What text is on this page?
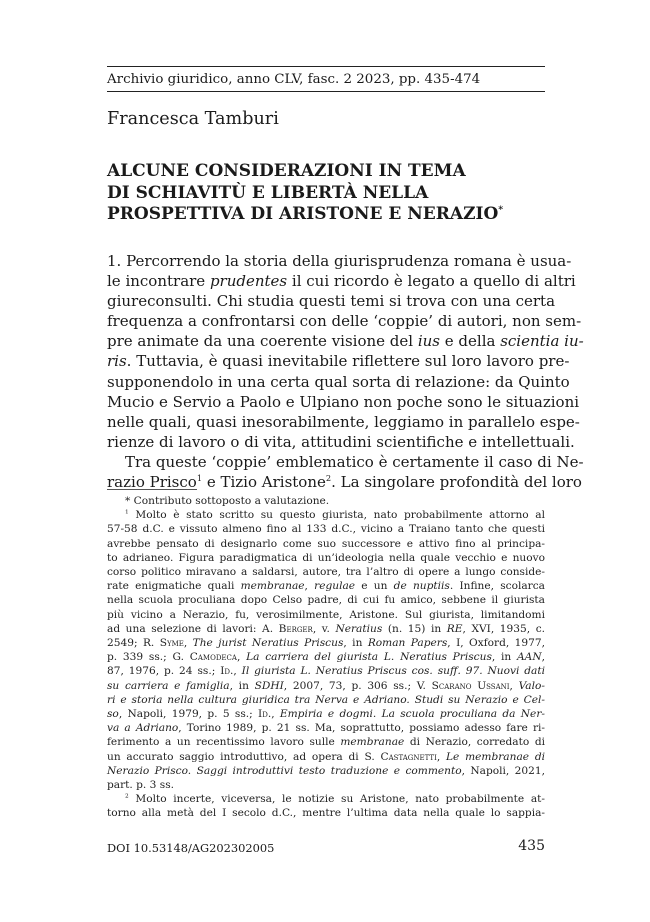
Archivio giuridico, anno CLV, fasc. 2 2023, pp. 435-474
Francesca Tamburi
ALCUNE CONSIDERAZIONI IN TEMA
DI SCHIAVITÙ E LIBERTÀ NELLA
PROSPETTIVA DI ARISTONE E NERAZIO*
1. Percorrendo la storia della giurisprudenza romana è usua-
le incontrare prudentes il cui ricordo è legato a quello di altri
giureconsulti. Chi studia questi temi si trova con una certa
frequenza a confrontarsi con delle ‘coppie’ di autori, non sem-
pre animate da una coerente visione del ius e della scientia iu-
ris. Tuttavia, è quasi inevitabile riflettere sul loro lavoro pre-
supponendolo in una certa qual sorta di relazione: da Quinto
Mucio e Servio a Paolo e Ulpiano non poche sono le situazioni
nelle quali, quasi inesorabilmente, leggiamo in parallelo espe-
rienze di lavoro o di vita, attitudini scientifiche e intellettuali.
Tra queste ‘coppie’ emblematico è certamente il caso di Ne-
razio Prisco$^1$ e Tizio Aristone$^2$. La singolare profondità del loro
* Contributo sottoposto a valutazione.
$^1$ Molto è stato scritto su questo giurista, nato probabilmente attorno al
57-58 d.C. e vissuto almeno fino al 133 d.C., vicino a Traiano tanto che questi
avrebbe pensato di designarlo come suo successore e attivo fino al principa-
to adrianeo. Figura paradigmatica di un’ideologia nella quale vecchio e nuovo
corso politico miravano a saldarsi, autore, tra l’altro di opere a lungo conside-
rate enigmatiche quali membranae, regulae e un de nuptiis. Infine, scolarca
nella scuola proculiana dopo Celso padre, di cui fu amico, sebbene il giurista
più vicino a Nerazio, fu, verosimilmente, Aristone. Sul giurista, limitandomi
ad una selezione di lavori: A. Berger, v. Neratius (n. 15) in RE, XVI, 1935, c.
2549; R. Syme, The jurist Neratius Priscus, in Roman Papers, I, Oxford, 1977,
p. 339 ss.; G. Camodeca, La carriera del giurista L. Neratius Priscus, in AAN,
87, 1976, p. 24 ss.; Id., Il giurista L. Neratius Priscus cos. suff. 97. Nuovi dati
su carriera e famiglia, in SDHI, 2007, 73, p. 306 ss.; V. Scarano Ussani, Valo-
ri e storia nella cultura giuridica tra Nerva e Adriano. Studi su Nerazio e Cel-
so, Napoli, 1979, p. 5 ss.; Id., Empiria e dogmi. La scuola proculiana da Ner-
va a Adriano, Torino 1989, p. 21 ss. Ma, soprattutto, possiamo adesso fare ri-
ferimento a un recentissimo lavoro sulle membranae di Nerazio, corredato di
un accurato saggio introduttivo, ad opera di S. Castagnetti, Le membranae di
Nerazio Prisco. Saggi introduttivi testo traduzione e commento, Napoli, 2021,
part. p. 3 ss.
$^2$ Molto incerte, viceversa, le notizie su Aristone, nato probabilmente at-
torno alla metà del I secolo d.C., mentre l’ultima data nella quale lo sappia-
DOI 10.53148/AG202302005	435
